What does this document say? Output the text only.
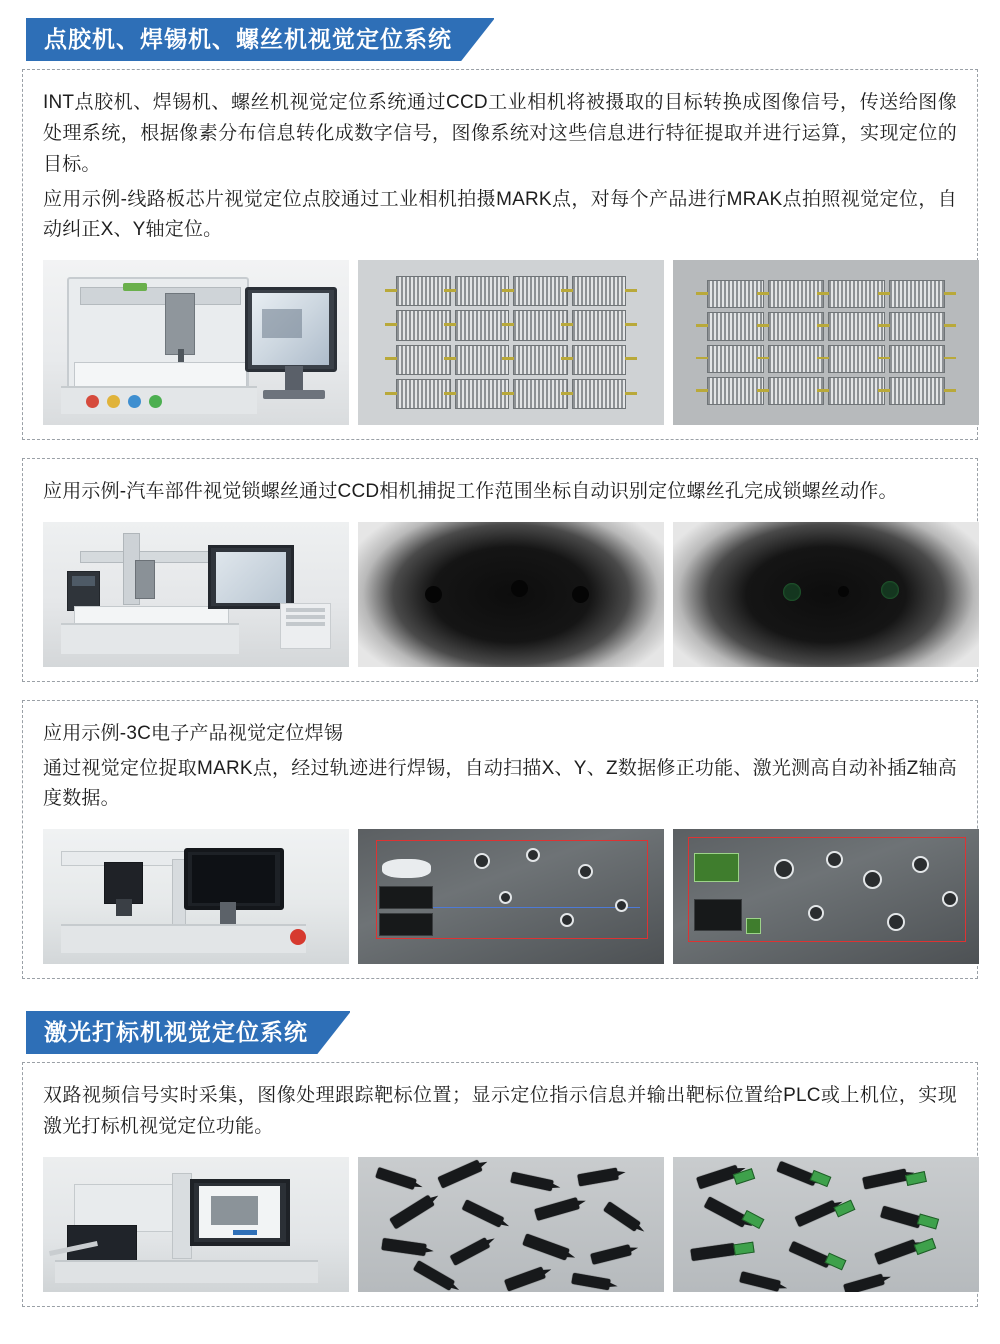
点胶机、焊锡机、螺丝机视觉定位系统

INT点胶机、焊锡机、螺丝机视觉定位系统通过CCD工业相机将被摄取的目标转换成图像信号，传送给图像处理系统，根据像素分布信息转化成数字信号，图像系统对这些信息进行特征提取并进行运算，实现定位的目标。

应用示例-线路板芯片视觉定位点胶通过工业相机拍摄MARK点，对每个产品进行MRAK点拍照视觉定位，自动纠正X、Y轴定位。

应用示例-汽车部件视觉锁螺丝通过CCD相机捕捉工作范围坐标自动识别定位螺丝孔完成锁螺丝动作。

应用示例-3C电子产品视觉定位焊锡

通过视觉定位捉取MARK点，经过轨迹进行焊锡，自动扫描X、Y、Z数据修正功能、激光测高自动补插Z轴高度数据。

激光打标机视觉定位系统

双路视频信号实时采集，图像处理跟踪靶标位置；显示定位指示信息并输出靶标位置给PLC或上机位，实现激光打标机视觉定位功能。
